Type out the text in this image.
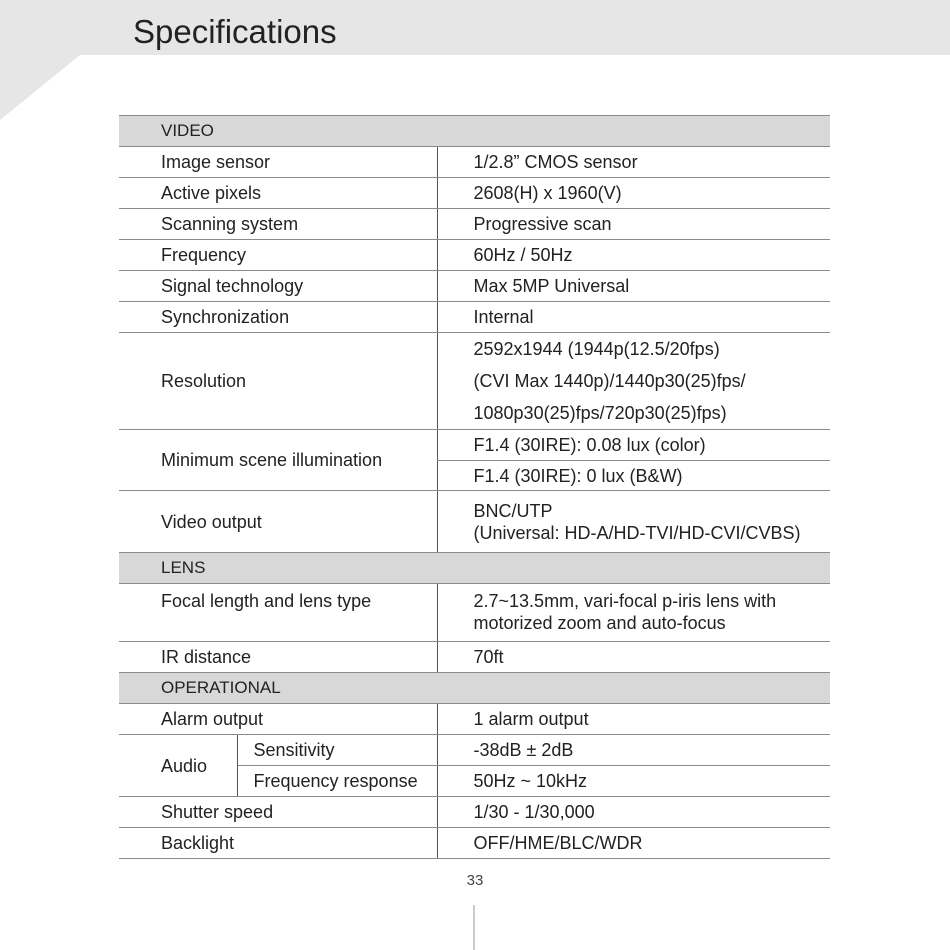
Specifications
VIDEO		
Image sensor		1/2.8” CMOS sensor
Active pixels		2608(H) x 1960(V)
Scanning system		Progressive scan
Frequency		60Hz / 50Hz
Signal technology		Max 5MP Universal
Synchronization		Internal
Resolution		2592x1944 (1944p(12.5/20fps)
(CVI Max 1440p)/1440p30(25)fps/
1080p30(25)fps/720p30(25)fps)

Minimum scene illumination		F1.4 (30IRE): 0.08 lux (color)
		F1.4 (30IRE): 0 lux (B&W)
Video output		BNC/UTP
(Universal: HD-A/HD-TVI/HD-CVI/CVBS)

LENS		
Focal length and lens type		2.7~13.5mm, vari-focal p-iris lens with
motorized zoom and auto-focus

IR distance		70ft
OPERATIONAL		
Alarm output		1 alarm output
Audio	Sensitivity	-38dB ± 2dB
	Frequency response	50Hz ~ 10kHz
Shutter speed		1/30 - 1/30,000
Backlight		OFF/HME/BLC/WDR
33
